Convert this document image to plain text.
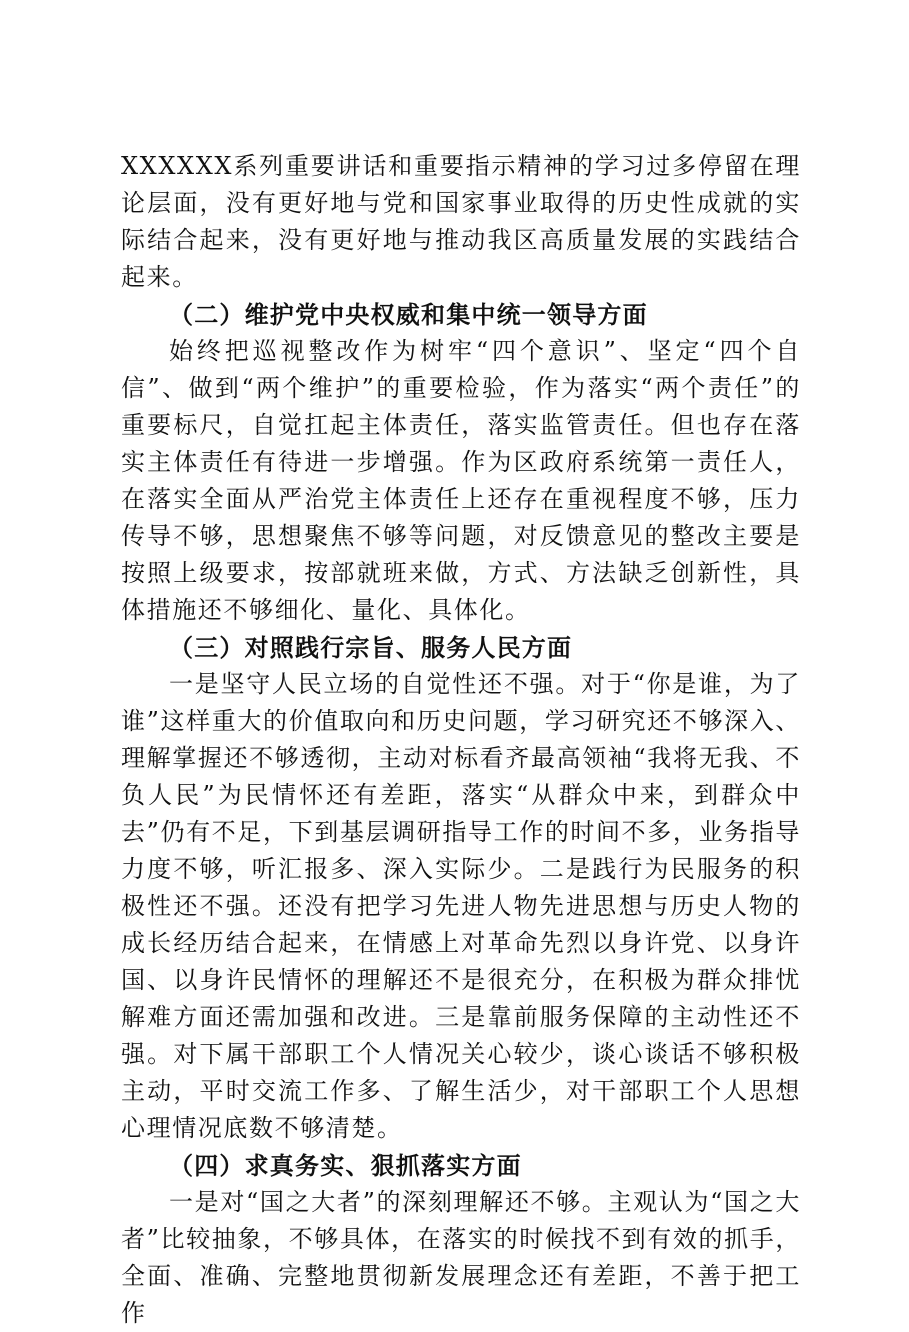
XXXXXX系列重要讲话和重要指示精神的学习过多停留在理论层面，没有更好地与党和国家事业取得的历史性成就的实际结合起来，没有更好地与推动我区高质量发展的实践结合起来。

（二）维护党中央权威和集中统一领导方面

始终把巡视整改作为树牢“四个意识”、坚定“四个自信”、做到“两个维护”的重要检验，作为落实“两个责任”的重要标尺，自觉扛起主体责任，落实监管责任。但也存在落实主体责任有待进一步增强。作为区政府系统第一责任人，在落实全面从严治党主体责任上还存在重视程度不够，压力传导不够，思想聚焦不够等问题，对反馈意见的整改主要是按照上级要求，按部就班来做，方式、方法缺乏创新性，具体措施还不够细化、量化、具体化。

（三）对照践行宗旨、服务人民方面

一是坚守人民立场的自觉性还不强。对于“你是谁，为了谁”这样重大的价值取向和历史问题，学习研究还不够深入、理解掌握还不够透彻，主动对标看齐最高领袖“我将无我、不负人民”为民情怀还有差距，落实“从群众中来，到群众中去”仍有不足，下到基层调研指导工作的时间不多，业务指导力度不够，听汇报多、深入实际少。二是践行为民服务的积极性还不强。还没有把学习先进人物先进思想与历史人物的成长经历结合起来，在情感上对革命先烈以身许党、以身许国、以身许民情怀的理解还不是很充分，在积极为群众排忧解难方面还需加强和改进。三是靠前服务保障的主动性还不强。对下属干部职工个人情况关心较少，谈心谈话不够积极主动，平时交流工作多、了解生活少，对干部职工个人思想心理情况底数不够清楚。

（四）求真务实、狠抓落实方面

一是对“国之大者”的深刻理解还不够。主观认为“国之大者”比较抽象，不够具体，在落实的时候找不到有效的抓手，全面、准确、完整地贯彻新发展理念还有差距，不善于把工作
